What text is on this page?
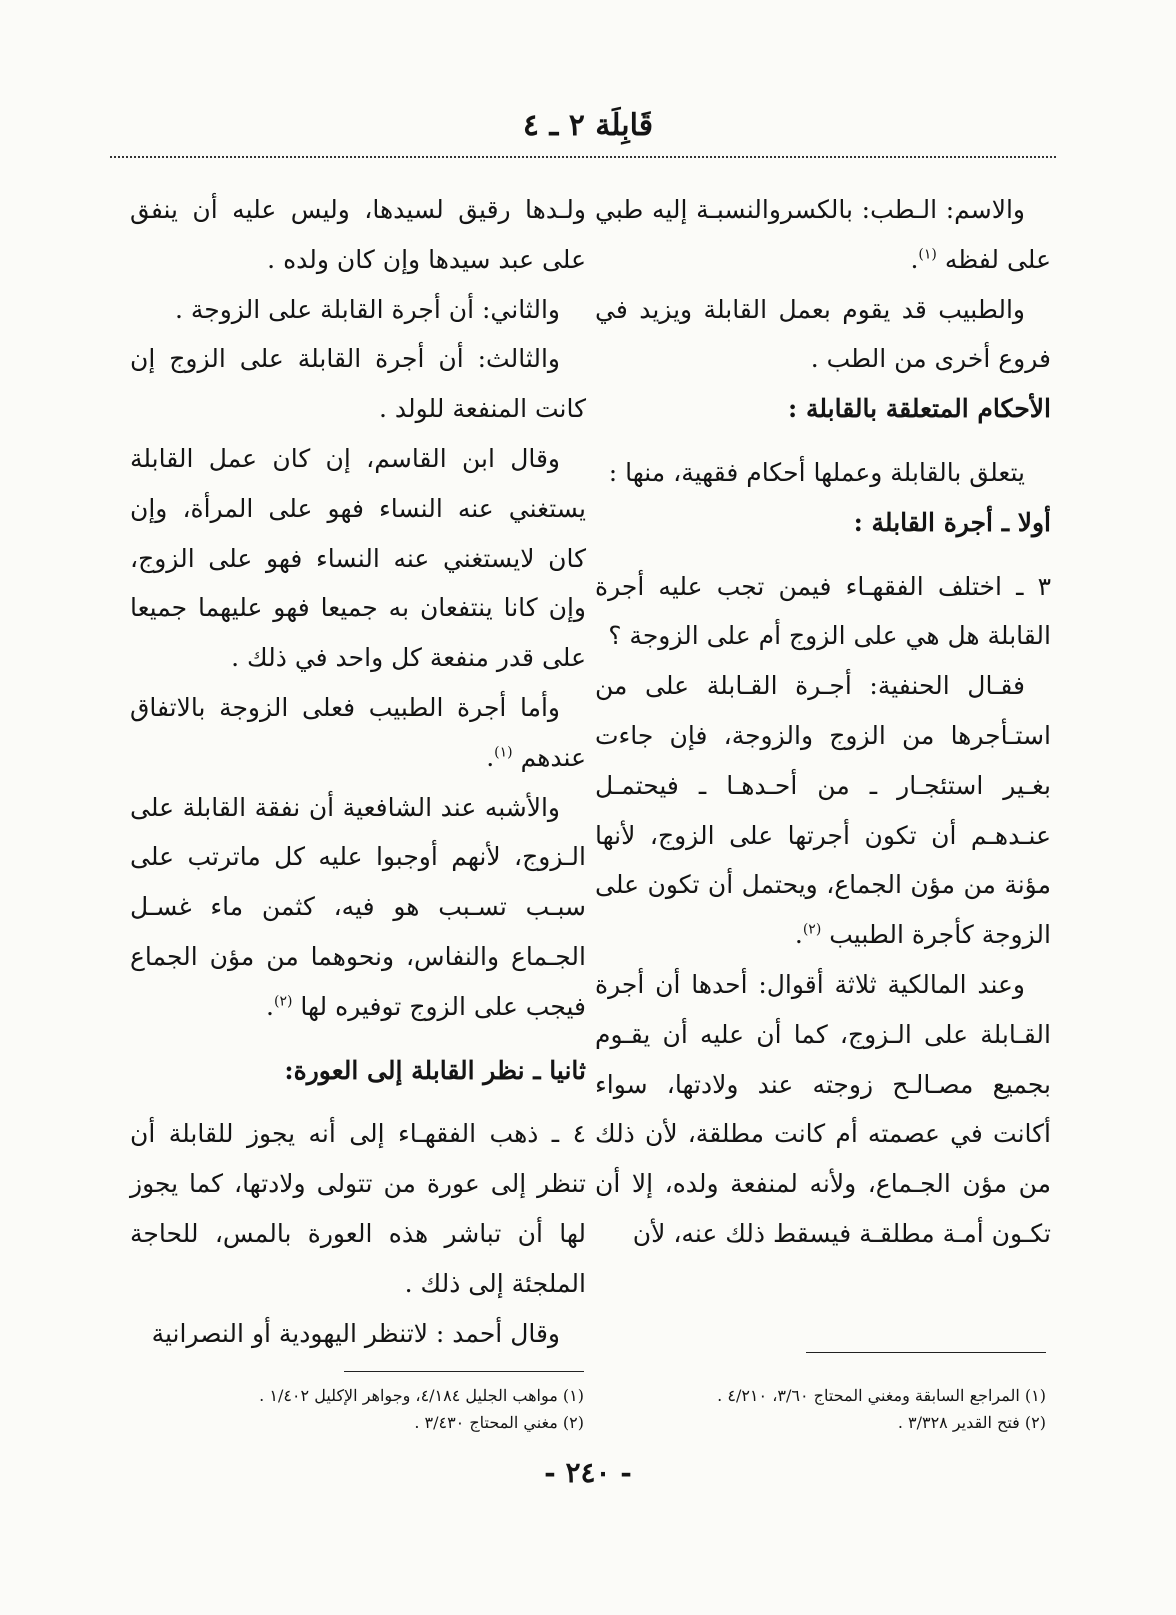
قَابِلَة ٢ ـ ٤

والاسم: الـطب: بالكسروالنسبـة إليه طبي على لفظه $^{(١)}$.

والطبيب قد يقوم بعمل القابلة ويزيد في فروع أخرى من الطب .

الأحكام المتعلقة بالقابلة :

يتعلق بالقابلة وعملها أحكام فقهية، منها :

أولا ـ أجرة القابلة :

٣ ـ اختلف الفقهـاء فيمن تجب عليه أجرة القابلة هل هي على الزوج أم على الزوجة ؟

فقـال الحنفية: أجـرة القـابلة على من استـأجرها من الزوج والزوجة، فإن جاءت بغـير استئجـار ـ من أحـدهـا ـ فيحتمـل عنـدهـم أن تكون أجرتها على الزوج، لأنها مؤنة من مؤن الجماع، ويحتمل أن تكون على الزوجة كأجرة الطبيب $^{(٢)}$.

وعند المالكية ثلاثة أقوال: أحدها أن أجرة القـابلة على الـزوج، كما أن عليه أن يقـوم بجميع مصـالـح زوجته عند ولادتها، سواء أكانت في عصمته أم كانت مطلقة، لأن ذلك من مؤن الجـماع، ولأنه لمنفعة ولده، إلا أن تكـون أمـة مطلقـة فيسقط ذلك عنه، لأن

ولـدها رقيق لسيدها، وليس عليه أن ينفق على عبد سيدها وإن كان ولده .

والثاني: أن أجرة القابلة على الزوجة .

والثالث: أن أجرة القابلة على الزوج إن كانت المنفعة للولد .

وقال ابن القاسم، إن كان عمل القابلة يستغني عنه النساء فهو على المرأة، وإن كان لايستغني عنه النساء فهو على الزوج، وإن كانا ينتفعان به جميعا فهو عليهما جميعا على قدر منفعة كل واحد في ذلك .

وأما أجرة الطبيب فعلى الزوجة بالاتفاق عندهم $^{(١)}$.

والأشبه عند الشافعية أن نفقة القابلة على الـزوج، لأنهم أوجبوا عليه كل ماترتب على سبـب تسـبب هو فيه، كثمن ماء غسـل الجـماع والنفاس، ونحوهما من مؤن الجماع فيجب على الزوج توفيره لها $^{(٢)}$.

ثانيا ـ نظر القابلة إلى العورة:

٤ ـ ذهب الفقهـاء إلى أنه يجوز للقابلة أن تنظر إلى عورة من تتولى ولادتها، كما يجوز لها أن تباشر هذه العورة بالمس، للحاجة الملجئة إلى ذلك .

وقال أحمد : لاتنظر اليهودية أو النصرانية

(١) المراجع السابقة ومغني المحتاج ٣/٦٠، ٤/٢١٠ .

(٢) فتح القدير ٣/٣٢٨ .

(١) مواهب الجليل ٤/١٨٤، وجواهر الإكليل ١/٤٠٢ .

(٢) مغني المحتاج ٣/٤٣٠ .

- ٢٤٠ -
